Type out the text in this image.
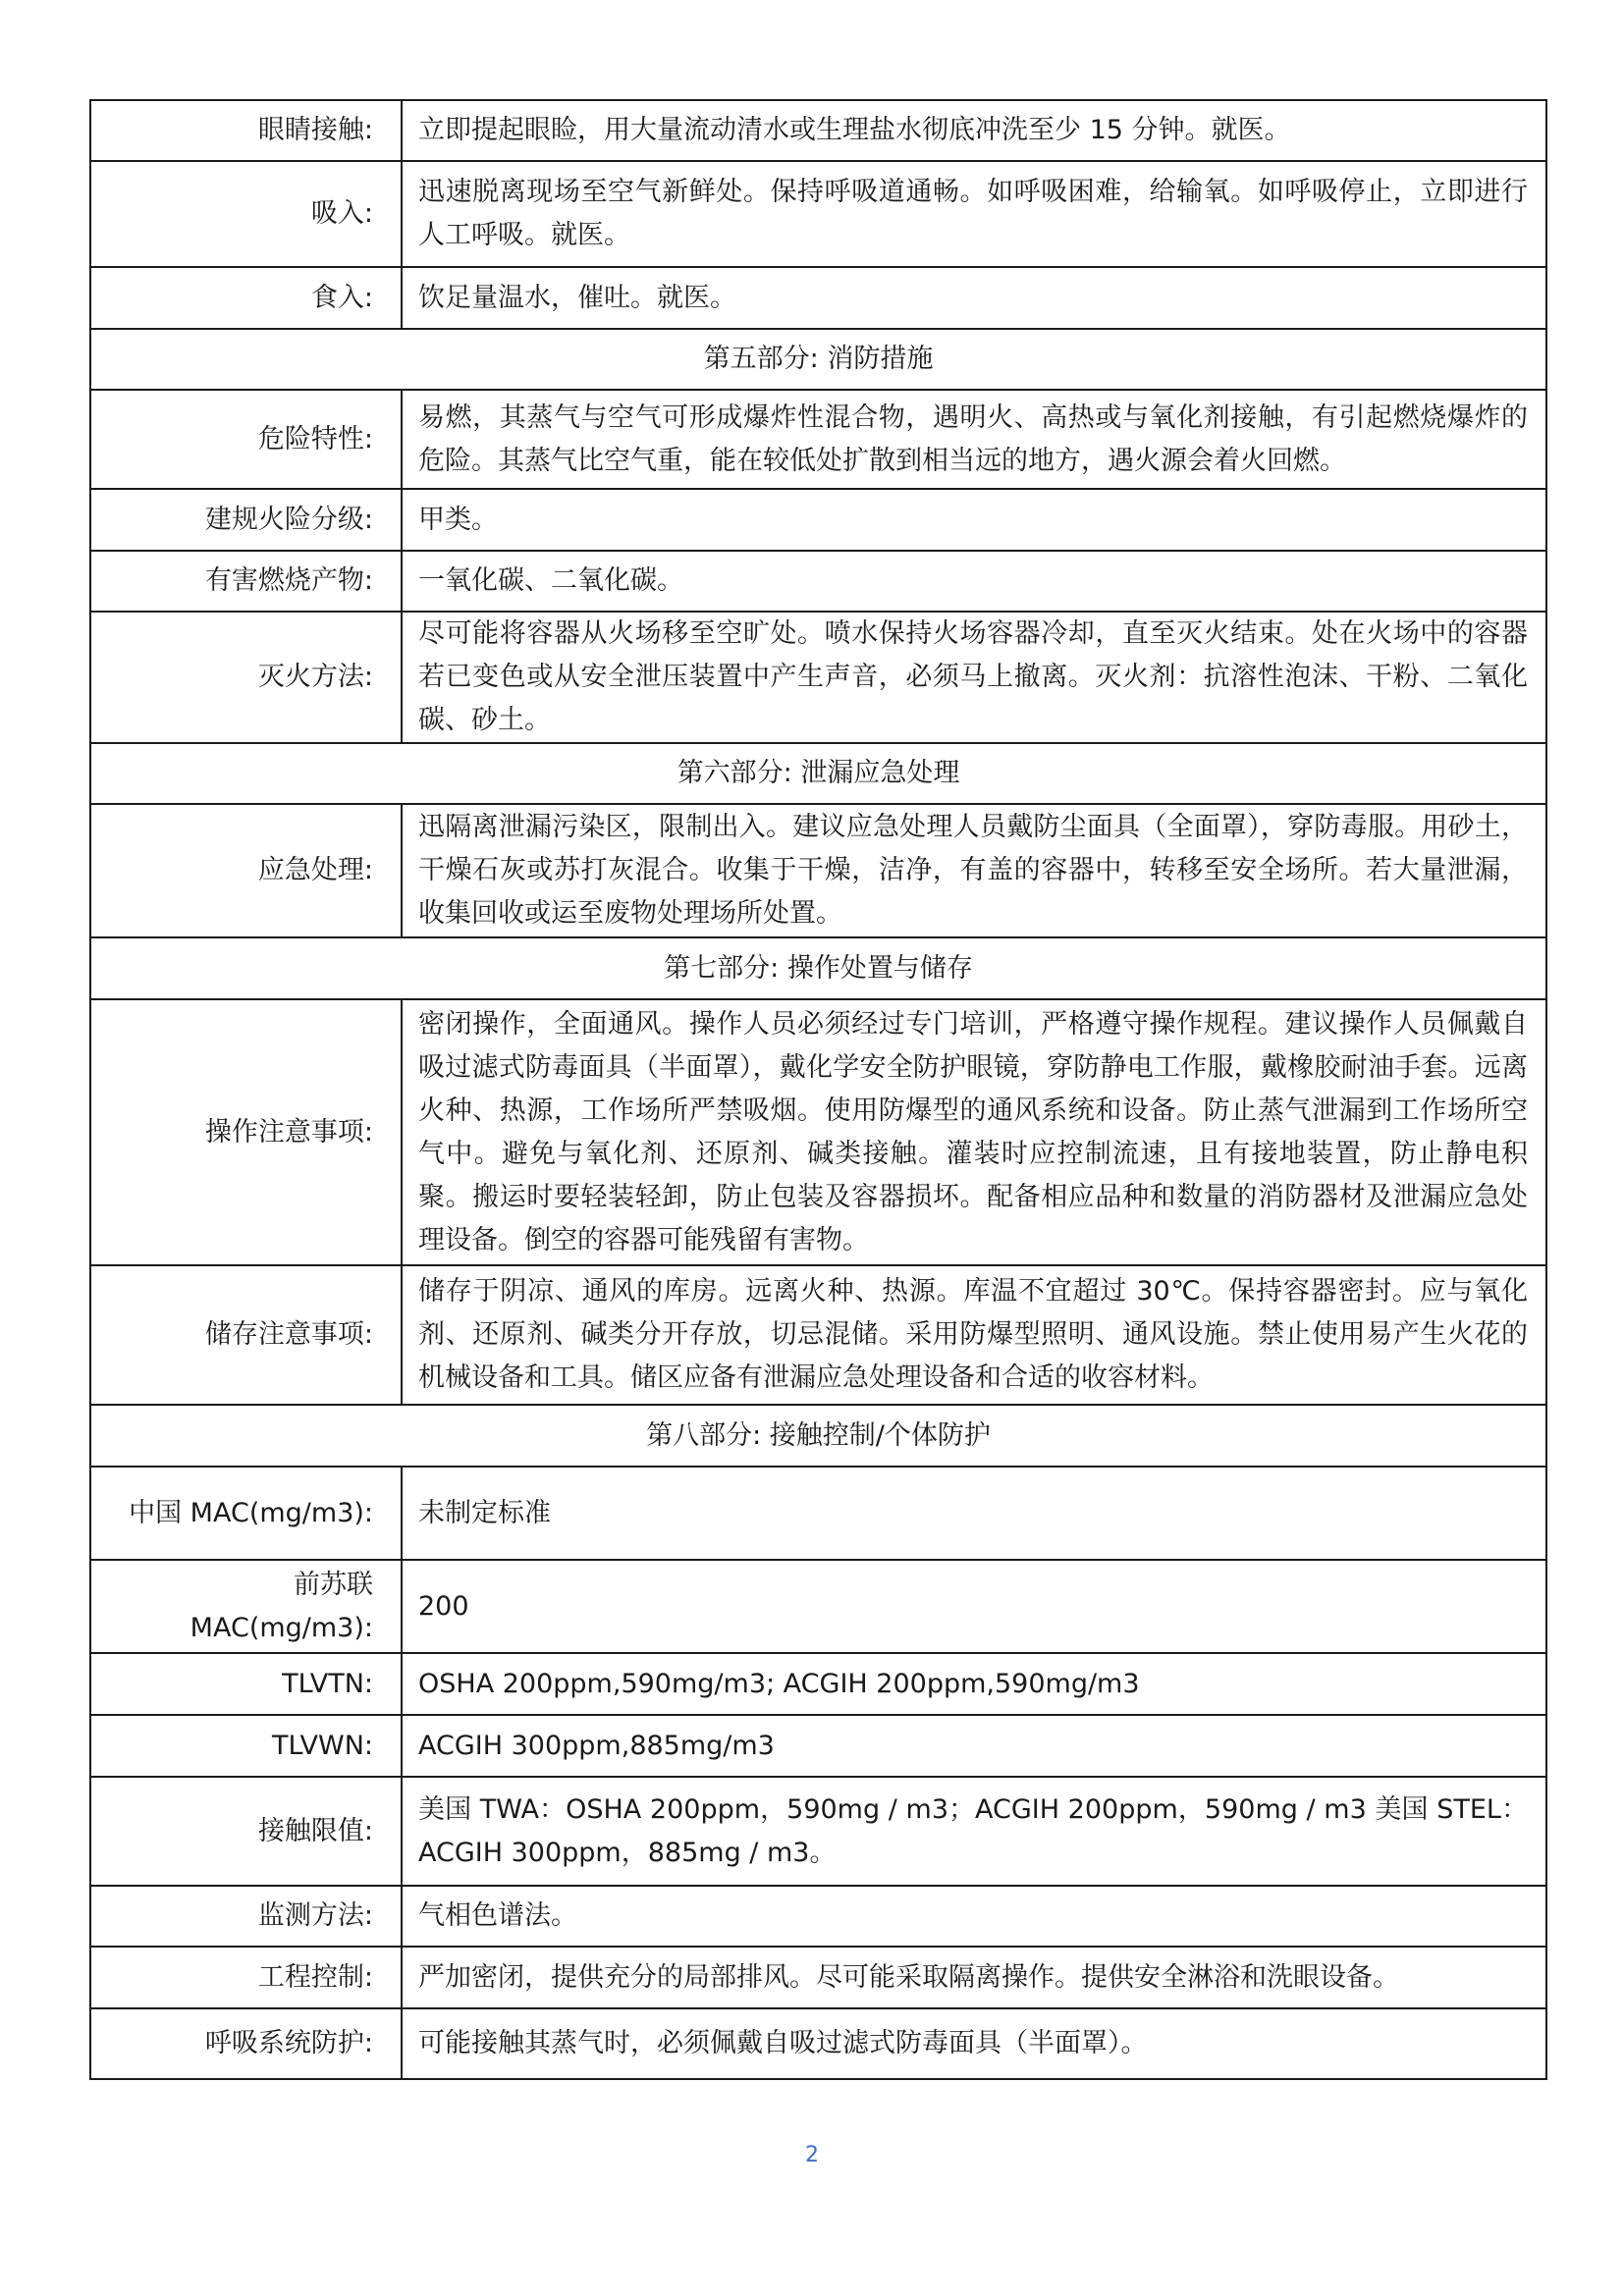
眼睛接触:	立即提起眼睑，用大量流动清水或生理盐水彻底冲洗至少 15 分钟。就医。
吸入:	迅速脱离现场至空气新鲜处。保持呼吸道通畅。如呼吸困难，给输氧。如呼吸停止，立即进行人工呼吸。就医。
食入:	饮足量温水，催吐。就医。
第五部分: 消防措施	
危险特性:	易燃，其蒸气与空气可形成爆炸性混合物，遇明火、高热或与氧化剂接触，有引起燃烧爆炸的危险。其蒸气比空气重，能在较低处扩散到相当远的地方，遇火源会着火回燃。
建规火险分级:	甲类。
有害燃烧产物:	一氧化碳、二氧化碳。
灭火方法:	尽可能将容器从火场移至空旷处。喷水保持火场容器冷却，直至灭火结束。处在火场中的容器若已变色或从安全泄压装置中产生声音，必须马上撤离。灭火剂：抗溶性泡沫、干粉、二氧化碳、砂土。
第六部分: 泄漏应急处理	
应急处理:	迅隔离泄漏污染区，限制出入。建议应急处理人员戴防尘面具（全面罩），穿防毒服。用砂土，干燥石灰或苏打灰混合。收集于干燥，洁净，有盖的容器中，转移至安全场所。若大量泄漏，收集回收或运至废物处理场所处置。
第七部分: 操作处置与储存	
操作注意事项:	密闭操作，全面通风。操作人员必须经过专门培训，严格遵守操作规程。建议操作人员佩戴自吸过滤式防毒面具（半面罩），戴化学安全防护眼镜，穿防静电工作服，戴橡胶耐油手套。远离火种、热源，工作场所严禁吸烟。使用防爆型的通风系统和设备。防止蒸气泄漏到工作场所空气中。避免与氧化剂、还原剂、碱类接触。灌装时应控制流速，且有接地装置，防止静电积聚。搬运时要轻装轻卸，防止包装及容器损坏。配备相应品种和数量的消防器材及泄漏应急处理设备。倒空的容器可能残留有害物。
储存注意事项:	储存于阴凉、通风的库房。远离火种、热源。库温不宜超过 30℃。保持容器密封。应与氧化剂、还原剂、碱类分开存放，切忌混储。采用防爆型照明、通风设施。禁止使用易产生火花的机械设备和工具。储区应备有泄漏应急处理设备和合适的收容材料。
第八部分: 接触控制/个体防护	
中国 MAC(mg/m3):	未制定标准
前苏联 MAC(mg/m3):	200
TLVTN:	OSHA 200ppm,590mg/m3; ACGIH 200ppm,590mg/m3
TLVWN:	ACGIH 300ppm,885mg/m3
接触限值:	美国 TWA：OSHA 200ppm，590mg / m3；ACGIH 200ppm，590mg / m3 美国 STEL：ACGIH 300ppm，885mg / m3。
监测方法:	气相色谱法。
工程控制:	严加密闭，提供充分的局部排风。尽可能采取隔离操作。提供安全淋浴和洗眼设备。
呼吸系统防护:	可能接触其蒸气时，必须佩戴自吸过滤式防毒面具（半面罩）。
2
